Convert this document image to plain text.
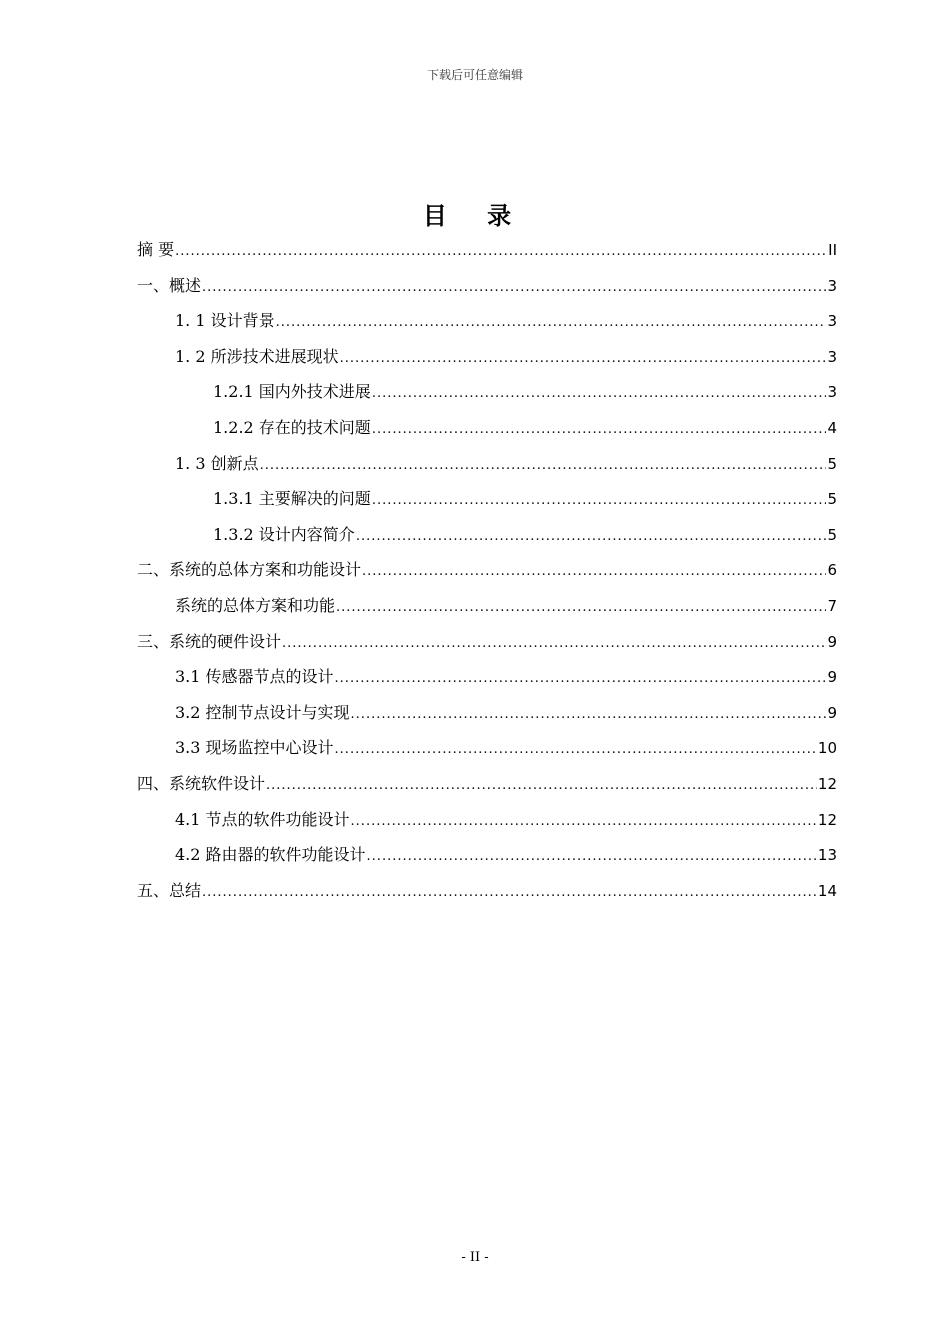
下载后可任意编辑
目 录
摘 要 .....	II
一、概述 .....	3
1. 1 设计背景 .....	3
1. 2 所涉技术进展现状 .....	3
1.2.1 国内外技术进展 .....	3
1.2.2 存在的技术问题 .....	4
1. 3 创新点 .....	5
1.3.1 主要解决的问题 .....	5
1.3.2 设计内容简介 .....	5
二、系统的总体方案和功能设计 .....	6
系统的总体方案和功能 .....	7
三、系统的硬件设计 .....	9
3.1 传感器节点的设计 .....	9
3.2 控制节点设计与实现 .....	9
3.3 现场监控中心设计 .....	10
四、系统软件设计 .....	12
4.1 节点的软件功能设计 .....	12
4.2 路由器的软件功能设计 .....	13
五、总结 .....	14
- II -
